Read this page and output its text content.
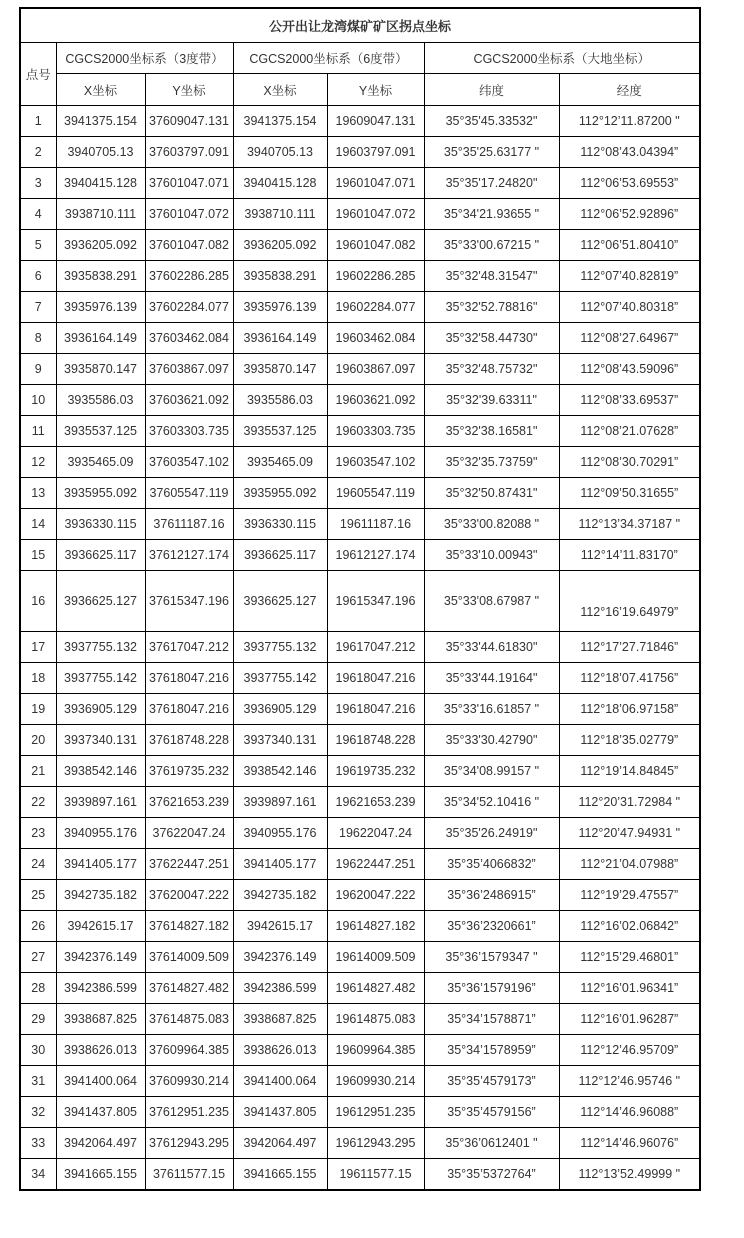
公开出让龙湾煤矿矿区拐点坐标						
点号	CGCS2000坐标系（3度带）		CGCS2000坐标系（6度带）		CGCS2000坐标系（大地坐标）	
	X坐标	Y坐标	X坐标	Y坐标	纬度	经度
1	3941375.154	37609047.131	3941375.154	19609047.131	35°35'45.33532"	112°12’11.87200 "
2	3940705.13	37603797.091	3940705.13	19603797.091	35°35'25.63177 "	112°08’43.04394”
3	3940415.128	37601047.071	3940415.128	19601047.071	35°35'17.24820"	112°06’53.69553”
4	3938710.111	37601047.072	3938710.111	19601047.072	35°34'21.93655 "	112°06’52.92896”
5	3936205.092	37601047.082	3936205.092	19601047.082	35°33'00.67215 "	112°06’51.80410”
6	3935838.291	37602286.285	3935838.291	19602286.285	35°32'48.31547"	112°07’40.82819”
7	3935976.139	37602284.077	3935976.139	19602284.077	35°32'52.78816"	112°07’40.80318”
8	3936164.149	37603462.084	3936164.149	19603462.084	35°32'58.44730"	112°08’27.64967”
9	3935870.147	37603867.097	3935870.147	19603867.097	35°32'48.75732"	112°08’43.59096”
10	3935586.03	37603621.092	3935586.03	19603621.092	35°32'39.63311"	112°08’33.69537”
11	3935537.125	37603303.735	3935537.125	19603303.735	35°32'38.16581"	112°08’21.07628”
12	3935465.09	37603547.102	3935465.09	19603547.102	35°32'35.73759"	112°08’30.70291”
13	3935955.092	37605547.119	3935955.092	19605547.119	35°32'50.87431"	112°09’50.31655”
14	3936330.115	37611187.16	3936330.115	19611187.16	35°33'00.82088 "	112°13’34.37187 "
15	3936625.117	37612127.174	3936625.117	19612127.174	35°33'10.00943"	112°14’11.83170”
16	3936625.127	37615347.196	3936625.127	19615347.196	35°33'08.67987 "	112°16’19.64979”
17	3937755.132	37617047.212	3937755.132	19617047.212	35°33'44.61830"	112°17’27.71846”
18	3937755.142	37618047.216	3937755.142	19618047.216	35°33'44.19164"	112°18’07.41756”
19	3936905.129	37618047.216	3936905.129	19618047.216	35°33'16.61857 "	112°18’06.97158”
20	3937340.131	37618748.228	3937340.131	19618748.228	35°33'30.42790"	112°18’35.02779”
21	3938542.146	37619735.232	3938542.146	19619735.232	35°34'08.99157 "	112°19’14.84845”
22	3939897.161	37621653.239	3939897.161	19621653.239	35°34'52.10416 "	112°20’31.72984 "
23	3940955.176	37622047.24	3940955.176	19622047.24	35°35'26.24919"	112°20’47.94931 "
24	3941405.177	37622447.251	3941405.177	19622447.251	35°35’4066832”	112°21’04.07988”
25	3942735.182	37620047.222	3942735.182	19620047.222	35°36’2486915”	112°19’29.47557”
26	3942615.17	37614827.182	3942615.17	19614827.182	35°36’2320661”	112°16’02.06842”
27	3942376.149	37614009.509	3942376.149	19614009.509	35°36’1579347 "	112°15’29.46801”
28	3942386.599	37614827.482	3942386.599	19614827.482	35°36’1579196”	112°16’01.96341”
29	3938687.825	37614875.083	3938687.825	19614875.083	35°34’1578871”	112°16’01.96287”
30	3938626.013	37609964.385	3938626.013	19609964.385	35°34’1578959”	112°12’46.95709”
31	3941400.064	37609930.214	3941400.064	19609930.214	35°35’4579173”	112°12’46.95746 "
32	3941437.805	37612951.235	3941437.805	19612951.235	35°35’4579156”	112°14’46.96088”
33	3942064.497	37612943.295	3942064.497	19612943.295	35°36’0612401 "	112°14’46.96076”
34	3941665.155	37611577.15	3941665.155	19611577.15	35°35’5372764”	112°13’52.49999 "
